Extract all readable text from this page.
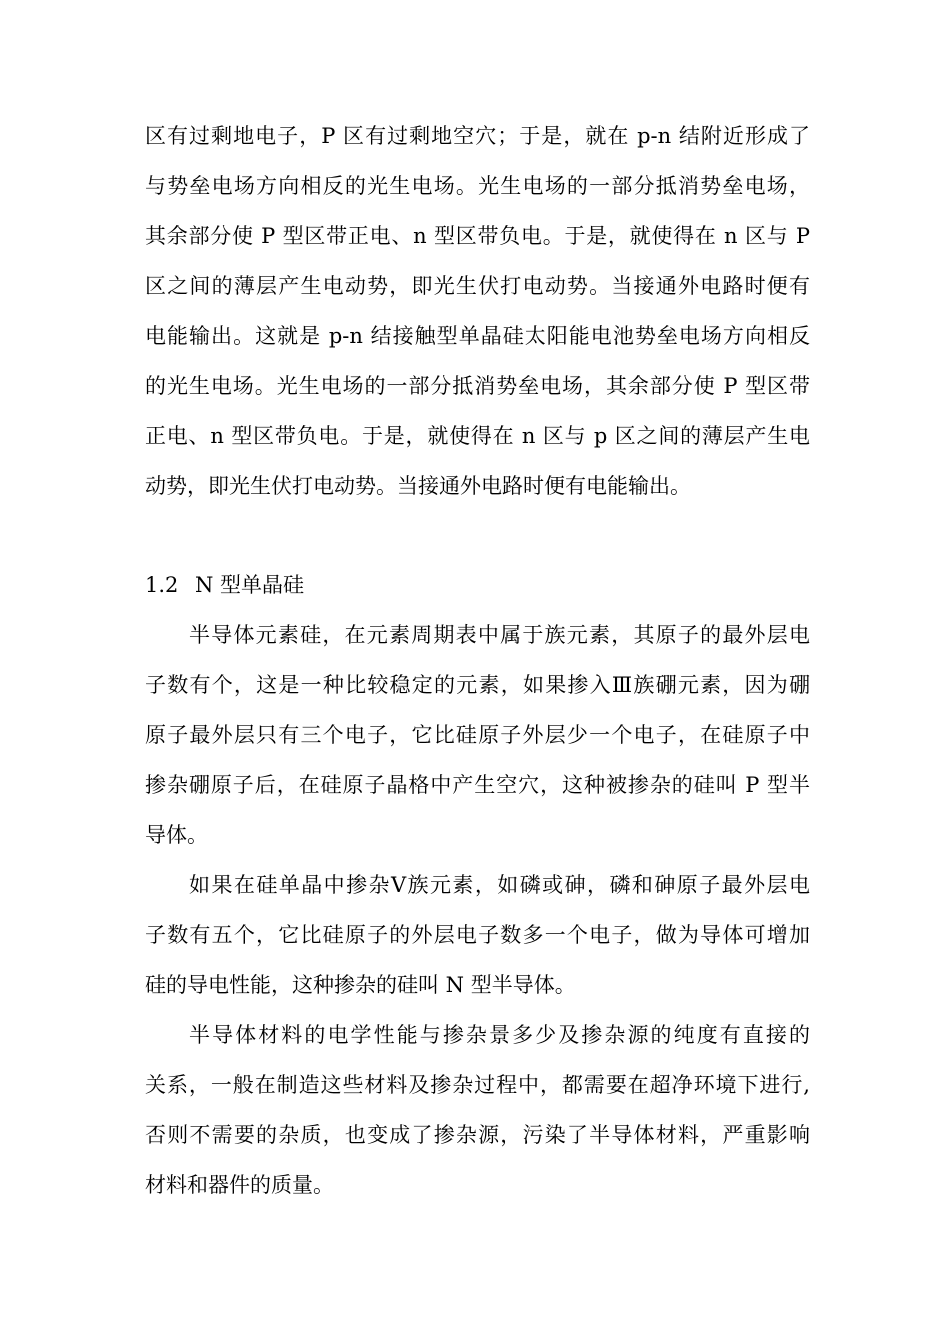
区有过剩地电子，P 区有过剩地空穴；于是，就在 p-n 结附近形成了
与势垒电场方向相反的光生电场。光生电场的一部分抵消势垒电场，
其余部分使 P 型区带正电、n 型区带负电。于是，就使得在 n 区与 P
区之间的薄层产生电动势，即光生伏打电动势。当接通外电路时便有
电能输出。这就是 p-n 结接触型单晶硅太阳能电池势垒电场方向相反
的光生电场。光生电场的一部分抵消势垒电场，其余部分使 P 型区带
正电、n 型区带负电。于是，就使得在 n 区与 p 区之间的薄层产生电
动势，即光生伏打电动势。当接通外电路时便有电能输出。
1.2 N 型单晶硅
半导体元素硅，在元素周期表中属于族元素，其原子的最外层电
子数有个，这是一种比较稳定的元素，如果掺入Ⅲ族硼元素，因为硼
原子最外层只有三个电子，它比硅原子外层少一个电子，在硅原子中
掺杂硼原子后，在硅原子晶格中产生空穴，这种被掺杂的硅叫 P 型半
导体。
如果在硅单晶中掺杂Ⅴ族元素，如磷或砷，磷和砷原子最外层电
子数有五个，它比硅原子的外层电子数多一个电子，做为导体可增加
硅的导电性能，这种掺杂的硅叫 N 型半导体。
半导体材料的电学性能与掺杂景多少及掺杂源的纯度有直接的
关系，一般在制造这些材料及掺杂过程中，都需要在超净环境下进行,
否则不需要的杂质，也变成了掺杂源，污染了半导体材料，严重影响
材料和器件的质量。
